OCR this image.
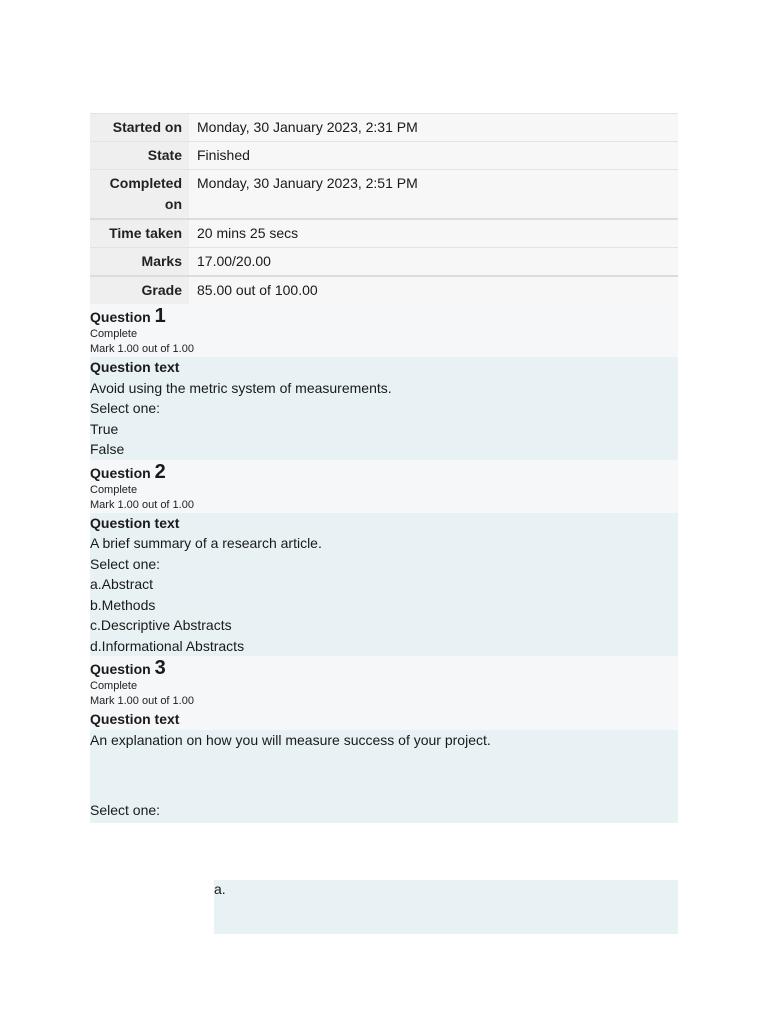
Started on	Monday, 30 January 2023, 2:31 PM
State	Finished
Completed on	Monday, 30 January 2023, 2:51 PM
Time taken	20 mins 25 secs
Marks	17.00/20.00
Grade	85.00 out of 100.00
Question 1
Complete
Mark 1.00 out of 1.00
Question text
Avoid using the metric system of measurements.
Select one:
True
False
Question 2
Complete
Mark 1.00 out of 1.00
Question text
A brief summary of a research article.
Select one:
a.Abstract
b.Methods
c.Descriptive Abstracts
d.Informational Abstracts
Question 3
Complete
Mark 1.00 out of 1.00
Question text
An explanation on how you will measure success of your project.
Select one:
a.
